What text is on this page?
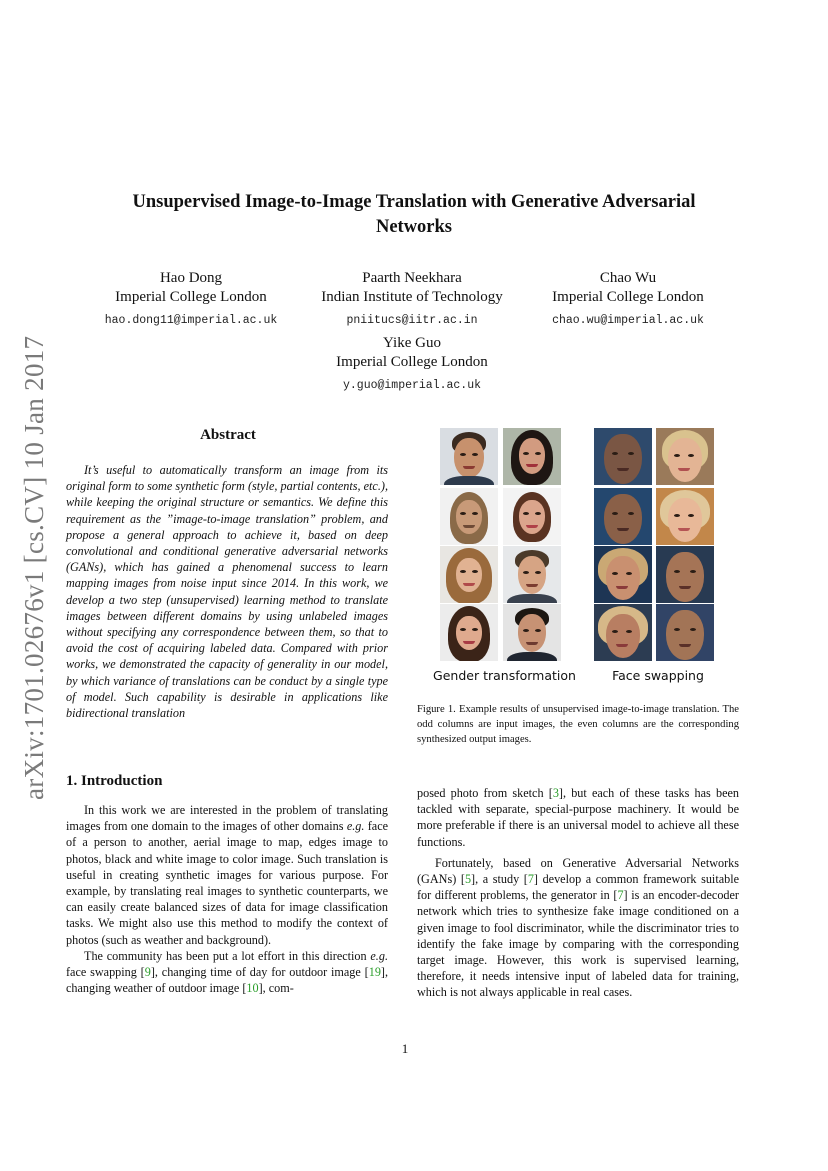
arXiv:1701.02676v1 [cs.CV] 10 Jan 2017
Unsupervised Image-to-Image Translation with Generative Adversarial
Networks
Hao Dong
Imperial College London
hao.dong11@imperial.ac.uk
Paarth Neekhara
Indian Institute of Technology
pniitucs@iitr.ac.in
Chao Wu
Imperial College London
chao.wu@imperial.ac.uk
Yike Guo
Imperial College London
y.guo@imperial.ac.uk
Abstract
It’s useful to automatically transform an image from its original form to some synthetic form (style, partial contents, etc.), while keeping the original structure or semantics. We define this requirement as the ”image-to-image translation” problem, and propose a general approach to achieve it, based on deep convolutional and conditional generative adversarial networks (GANs), which has gained a phenomenal success to learn mapping images from noise input since 2014. In this work, we develop a two step (unsupervised) learning method to translate images between different domains by using unlabeled images without specifying any correspondence between them, so that to avoid the cost of acquiring labeled data. Compared with prior works, we demonstrated the capacity of generality in our model, by which variance of translations can be conduct by a single type of model. Such capability is desirable in applications like bidirectional translation
Gender transformation	Face swapping
Figure 1. Example results of unsupervised image-to-image translation. The odd columns are input images, the even columns are the corresponding synthesized output images.
1. Introduction

In this work we are interested in the problem of translating images from one domain to the images of other domains e.g. face of a person to another, aerial image to map, edges image to photos, black and white image to color image. Such translation is useful in creating synthetic images for various purpose. For example, by translating real images to synthetic counterparts, we can easily create balanced sizes of data for image classification tasks. We might also use this method to modify the context of photos (such as weather and background).

The community has been put a lot effort in this direction e.g. face swapping [9], changing time of day for outdoor image [19], changing weather of outdoor image [10], com-

posed photo from sketch [3], but each of these tasks has been tackled with separate, special-purpose machinery. It would be more preferable if there is an universal model to achieve all these functions.

Fortunately, based on Generative Adversarial Networks (GANs) [5], a study [7] develop a common framework suitable for different problems, the generator in [7] is an encoder-decoder network which tries to synthesize fake image conditioned on a given image to fool discriminator, while the discriminator tries to identify the fake image by comparing with the corresponding target image. However, this work is supervised learning, therefore, it needs intensive input of labeled data for training, which is not always applicable in real cases.

1
